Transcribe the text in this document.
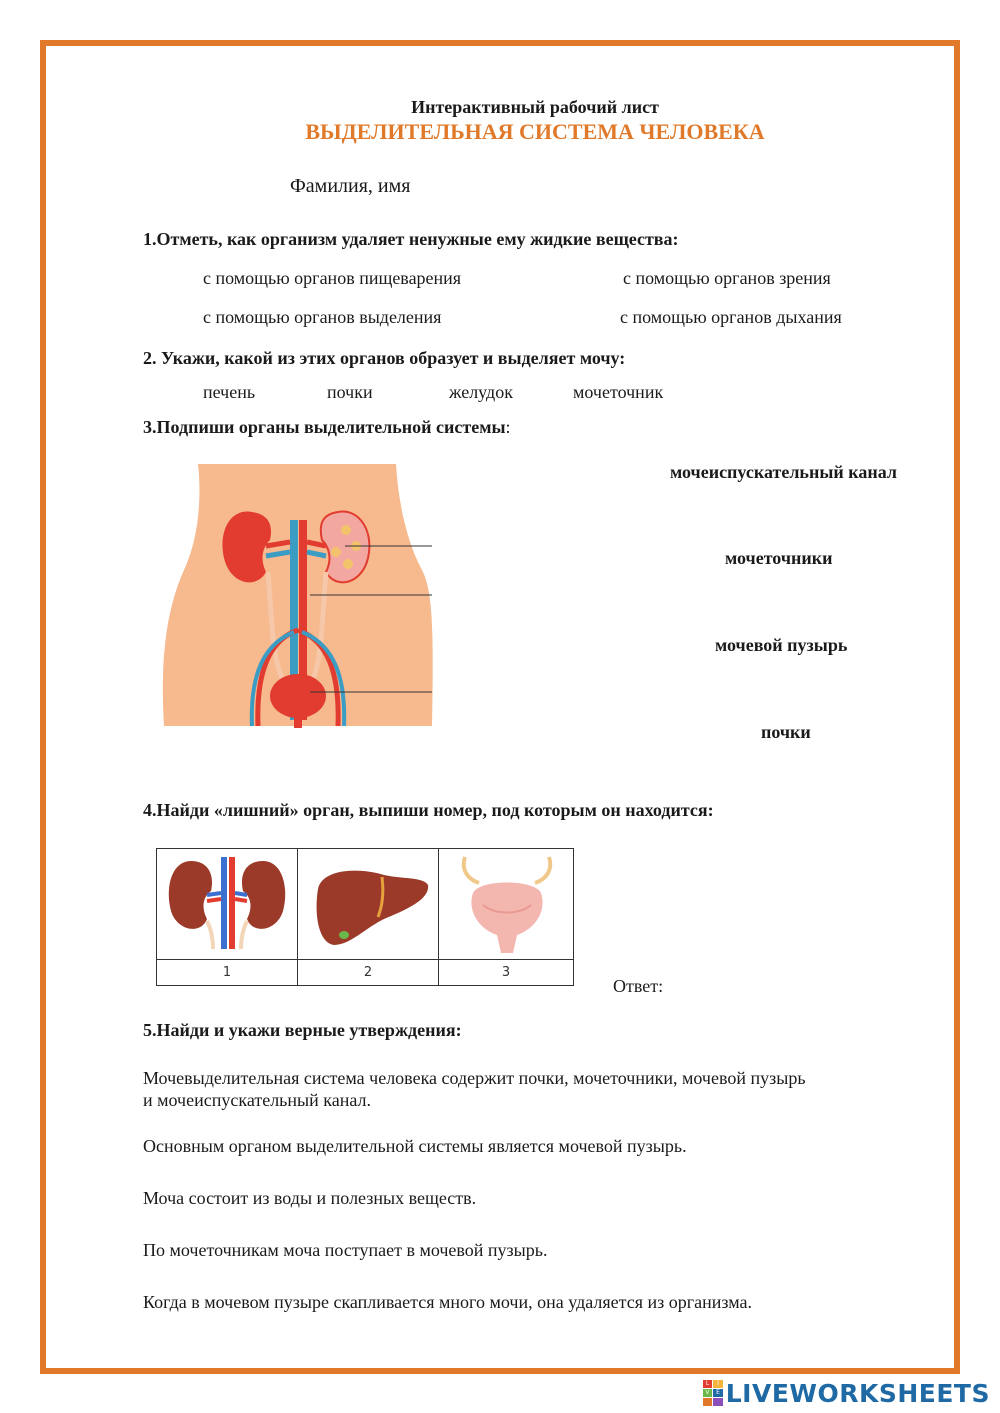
Интерактивный рабочий лист
ВЫДЕЛИТЕЛЬНАЯ СИСТЕМА ЧЕЛОВЕКА
Фамилия, имя
1.Отметь, как организм удаляет ненужные ему жидкие вещества:
с помощью органов пищеварения	с помощью органов зрения
с помощью органов выделения	с помощью органов дыхания
2. Укажи, какой из этих органов образует и выделяет мочу:
печень	почки	желудок	мочеточник
3.Подпиши органы выделительной системы:
мочеиспускательный канал
мочеточники
мочевой пузырь
почки
4.Найди «лишний» орган, выпиши номер, под которым он находится:
1	2	3
Ответ:
5.Найди и укажи верные утверждения:
Мочевыделительная система человека содержит почки, мочеточники, мочевой пузырь
и мочеиспускательный канал.
Основным органом выделительной системы является мочевой пузырь.
Моча состоит из воды и полезных веществ.
По мочеточникам моча поступает в мочевой пузырь.
Когда в мочевом пузыре скапливается много мочи, она удаляется из организма.
L	I
V	E LIVEWORKSHEETS
